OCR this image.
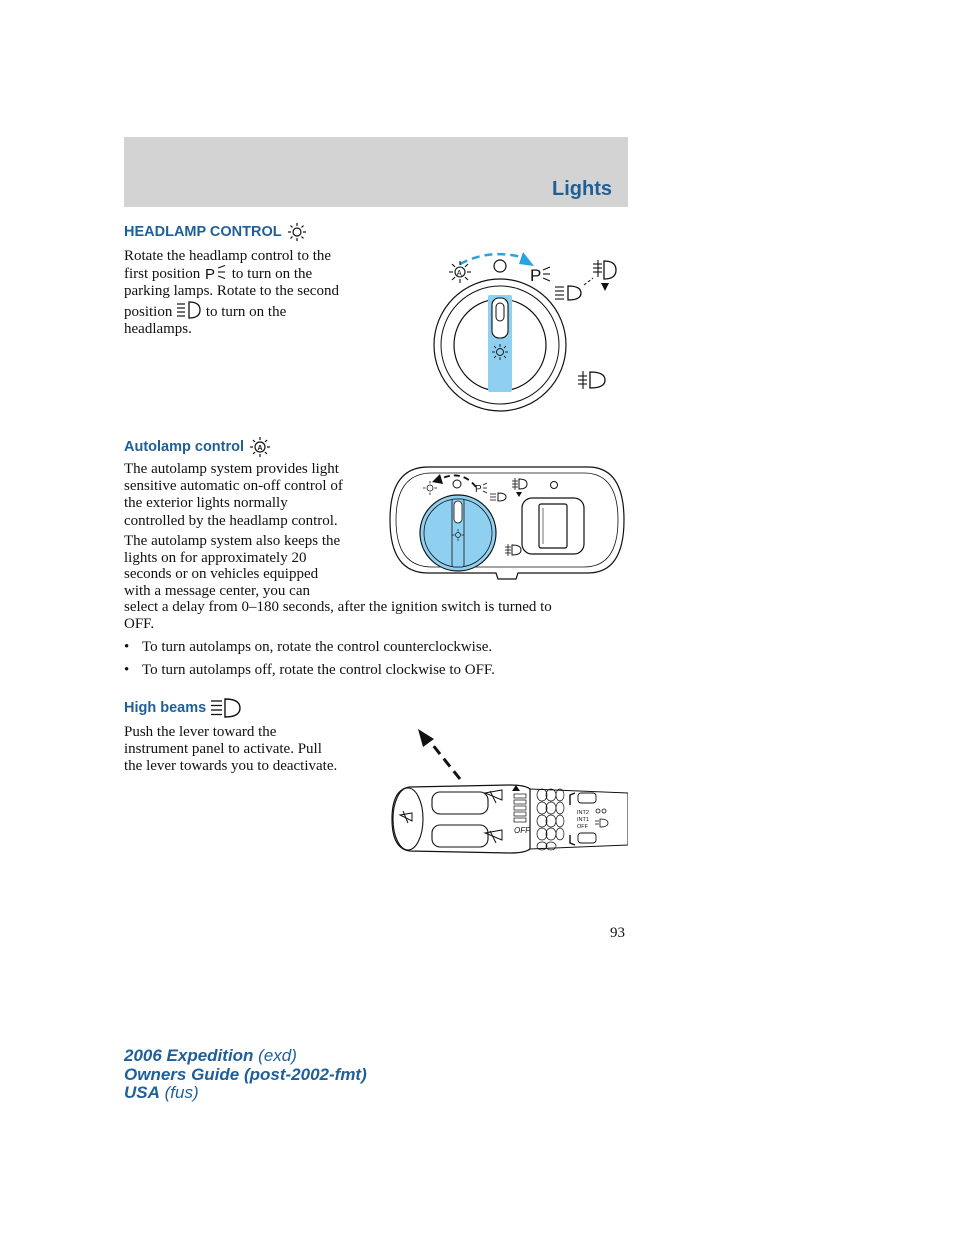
Lights
HEADLAMP CONTROL
Rotate the headlamp control to the
first position P to turn on the
parking lamps. Rotate to the second
position to turn on the
headlamps.
A	P
Autolamp control A
The autolamp system provides light
sensitive automatic on-off control of
the exterior lights normally
controlled by the headlamp control.
The autolamp system also keeps the
lights on for approximately 20
seconds or on vehicles equipped
with a message center, you can
select a delay from 0–180 seconds, after the ignition switch is turned to
OFF.
P
• To turn autolamps on, rotate the control counterclockwise.
• To turn autolamps off, rotate the control clockwise to OFF.
High beams
Push the lever toward the
instrument panel to activate. Pull
the lever towards you to deactivate.
OFF
INT2
INT1
OFF
93
2006 Expedition (exd)
Owners Guide (post-2002-fmt)
USA (fus)
